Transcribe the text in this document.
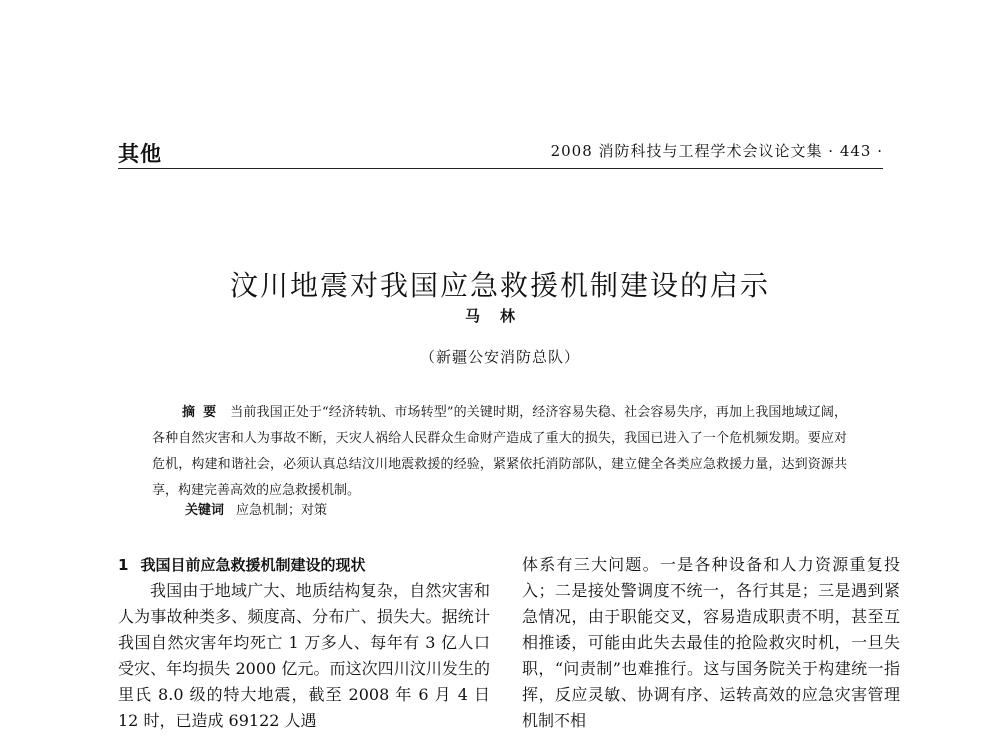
其他	2008 消防科技与工程学术会议论文集 · 443 ·
汶川地震对我国应急救援机制建设的启示
马林
（新疆公安消防总队）

摘要 当前我国正处于“经济转轨、市场转型”的关键时期，经济容易失稳、社会容易失序，再加上我国地域辽阔，各种自然灾害和人为事故不断，天灾人祸给人民群众生命财产造成了重大的损失，我国已进入了一个危机频发期。要应对危机，构建和谐社会，必须认真总结汶川地震救援的经验，紧紧依托消防部队，建立健全各类应急救援力量，达到资源共享，构建完善高效的应急救援机制。

关键词 应急机制；对策
1 我国目前应急救援机制建设的现状

我国由于地域广大、地质结构复杂，自然灾害和人为事故种类多、频度高、分布广、损失大。据统计我国自然灾害年均死亡 1 万多人、每年有 3 亿人口受灾、年均损失 2000 亿元。而这次四川汶川发生的里氏 8.0 级的特大地震，截至 2008 年 6 月 4 日 12 时，已造成 69122 人遇

体系有三大问题。一是各种设备和人力资源重复投入；二是接处警调度不统一，各行其是；三是遇到紧急情况，由于职能交叉，容易造成职责不明，甚至互相推诿，可能由此失去最佳的抢险救灾时机，一旦失职，“问责制”也难推行。这与国务院关于构建统一指挥，反应灵敏、协调有序、运转高效的应急灾害管理机制不相
